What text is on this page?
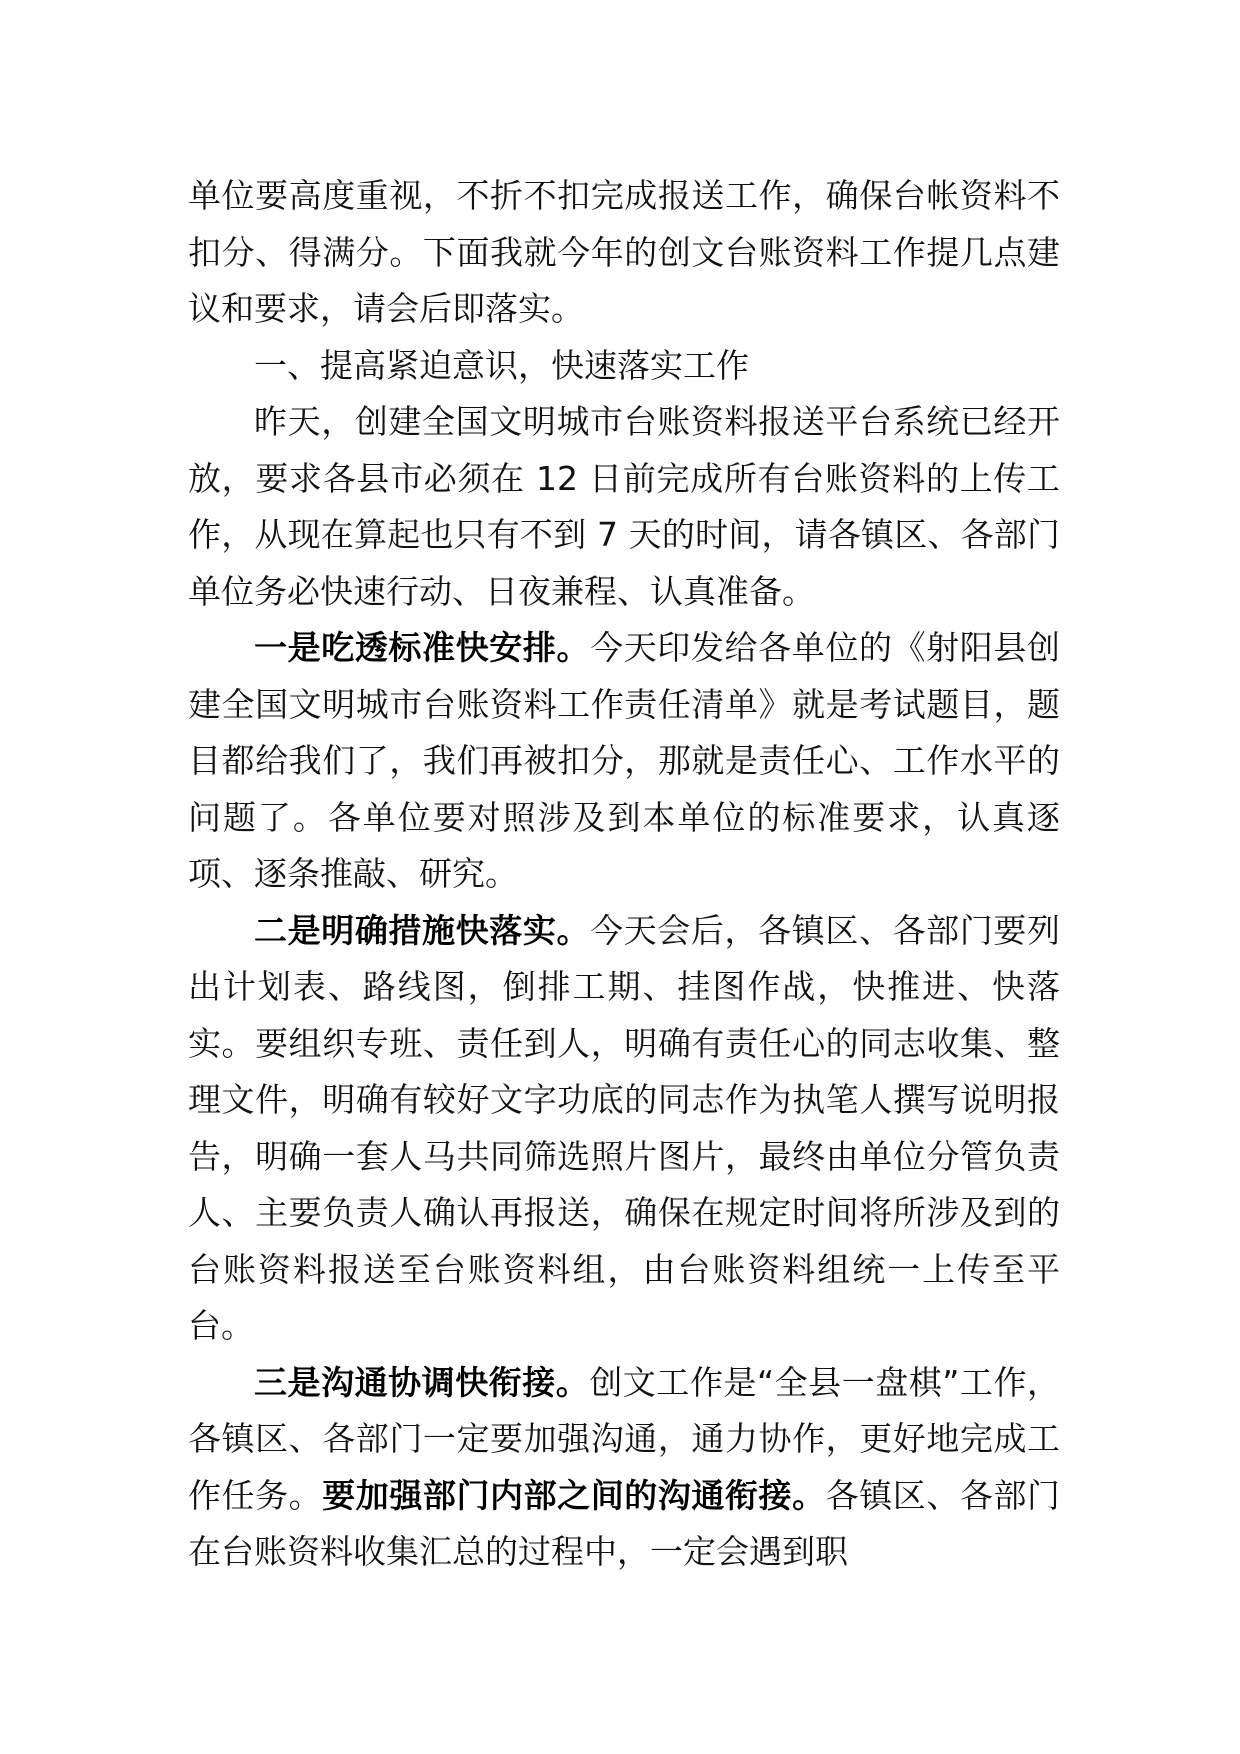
单位要高度重视，不折不扣完成报送工作，确保台帐资料不扣分、得满分。下面我就今年的创文台账资料工作提几点建议和要求，请会后即落实。

一、提高紧迫意识，快速落实工作

昨天，创建全国文明城市台账资料报送平台系统已经开放，要求各县市必须在 12 日前完成所有台账资料的上传工作，从现在算起也只有不到 7 天的时间，请各镇区、各部门单位务必快速行动、日夜兼程、认真准备。

一是吃透标准快安排。今天印发给各单位的《射阳县创建全国文明城市台账资料工作责任清单》就是考试题目，题目都给我们了，我们再被扣分，那就是责任心、工作水平的问题了。各单位要对照涉及到本单位的标准要求，认真逐项、逐条推敲、研究。

二是明确措施快落实。今天会后，各镇区、各部门要列出计划表、路线图，倒排工期、挂图作战，快推进、快落实。要组织专班、责任到人，明确有责任心的同志收集、整理文件，明确有较好文字功底的同志作为执笔人撰写说明报告，明确一套人马共同筛选照片图片，最终由单位分管负责人、主要负责人确认再报送，确保在规定时间将所涉及到的台账资料报送至台账资料组，由台账资料组统一上传至平台。

三是沟通协调快衔接。创文工作是“全县一盘棋”工作，各镇区、各部门一定要加强沟通，通力协作，更好地完成工作任务。要加强部门内部之间的沟通衔接。各镇区、各部门在台账资料收集汇总的过程中，一定会遇到职
